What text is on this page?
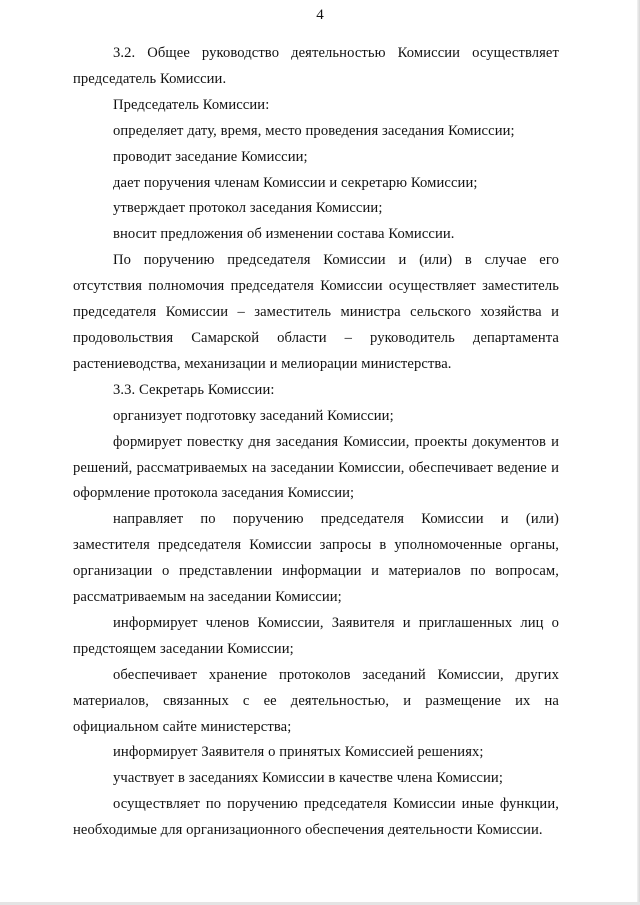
4

3.2. Общее руководство деятельностью Комиссии осуществляет председатель Комиссии.

Председатель Комиссии:

определяет дату, время, место проведения заседания Комиссии;

проводит заседание Комиссии;

дает поручения членам Комиссии и секретарю Комиссии;

утверждает протокол заседания Комиссии;

вносит предложения об изменении состава Комиссии.

По поручению председателя Комиссии и (или) в случае его отсутствия полномочия председателя Комиссии осуществляет заместитель председателя Комиссии – заместитель министра сельского хозяйства и продовольствия Самарской области – руководитель департамента растениеводства, механизации и мелиорации министерства.

3.3. Секретарь Комиссии:

организует подготовку заседаний Комиссии;

формирует повестку дня заседания Комиссии, проекты документов и решений, рассматриваемых на заседании Комиссии, обеспечивает ведение и оформление протокола заседания Комиссии;

направляет по поручению председателя Комиссии и (или) заместителя председателя Комиссии запросы в уполномоченные органы, организации о представлении информации и материалов по вопросам, рассматриваемым на заседании Комиссии;

информирует членов Комиссии, Заявителя и приглашенных лиц о предстоящем заседании Комиссии;

обеспечивает хранение протоколов заседаний Комиссии, других материалов, связанных с ее деятельностью, и размещение их на официальном сайте министерства;

информирует Заявителя о принятых Комиссией решениях;

участвует в заседаниях Комиссии в качестве члена Комиссии;

осуществляет по поручению председателя Комиссии иные функции, необходимые для организационного обеспечения деятельности Комиссии.
